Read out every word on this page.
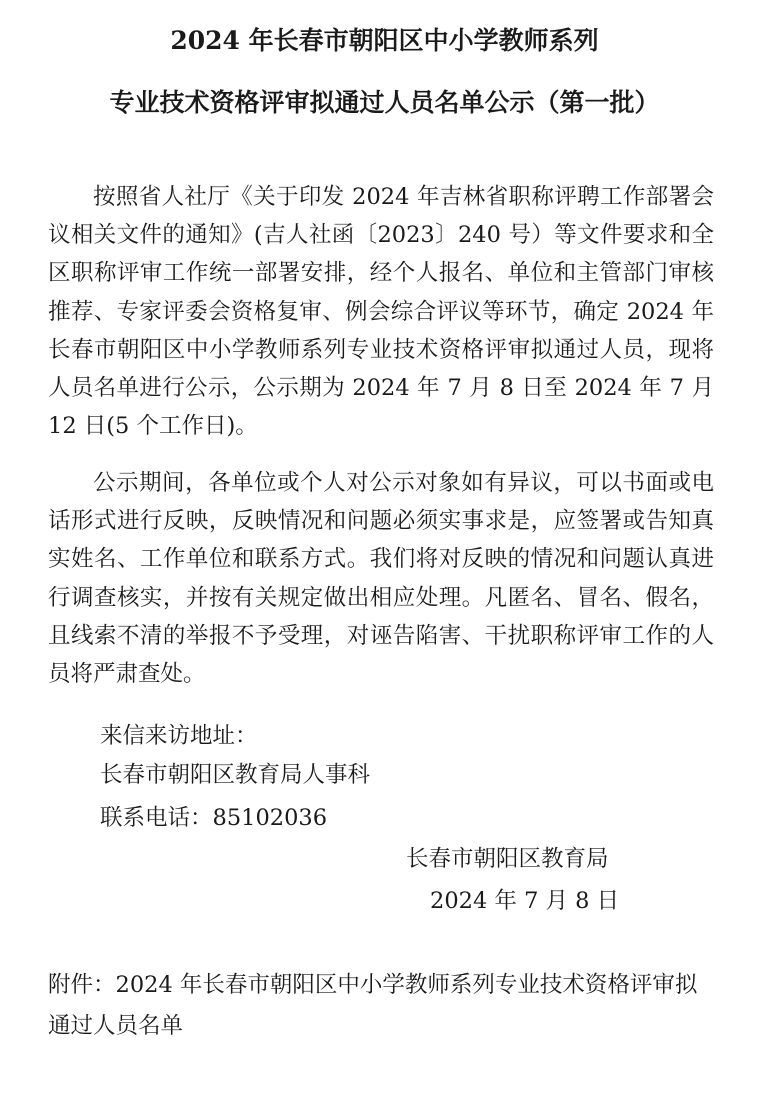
2024 年长春市朝阳区中小学教师系列
专业技术资格评审拟通过人员名单公示（第一批）

按照省人社厅《关于印发 2024 年吉林省职称评聘工作部署会议相关文件的通知》(吉人社函〔2023〕240 号）等文件要求和全区职称评审工作统一部署安排，经个人报名、单位和主管部门审核推荐、专家评委会资格复审、例会综合评议等环节，确定 2024 年长春市朝阳区中小学教师系列专业技术资格评审拟通过人员，现将人员名单进行公示，公示期为 2024 年 7 月 8 日至 2024 年 7 月 12 日(5 个工作日)。

公示期间，各单位或个人对公示对象如有异议，可以书面或电话形式进行反映，反映情况和问题必须实事求是，应签署或告知真实姓名、工作单位和联系方式。我们将对反映的情况和问题认真进行调查核实，并按有关规定做出相应处理。凡匿名、冒名、假名，且线索不清的举报不予受理，对诬告陷害、干扰职称评审工作的人员将严肃查处。

来信来访地址：

长春市朝阳区教育局人事科

联系电话：85102036

长春市朝阳区教育局

2024 年 7 月 8 日

附件：2024 年长春市朝阳区中小学教师系列专业技术资格评审拟通过人员名单
